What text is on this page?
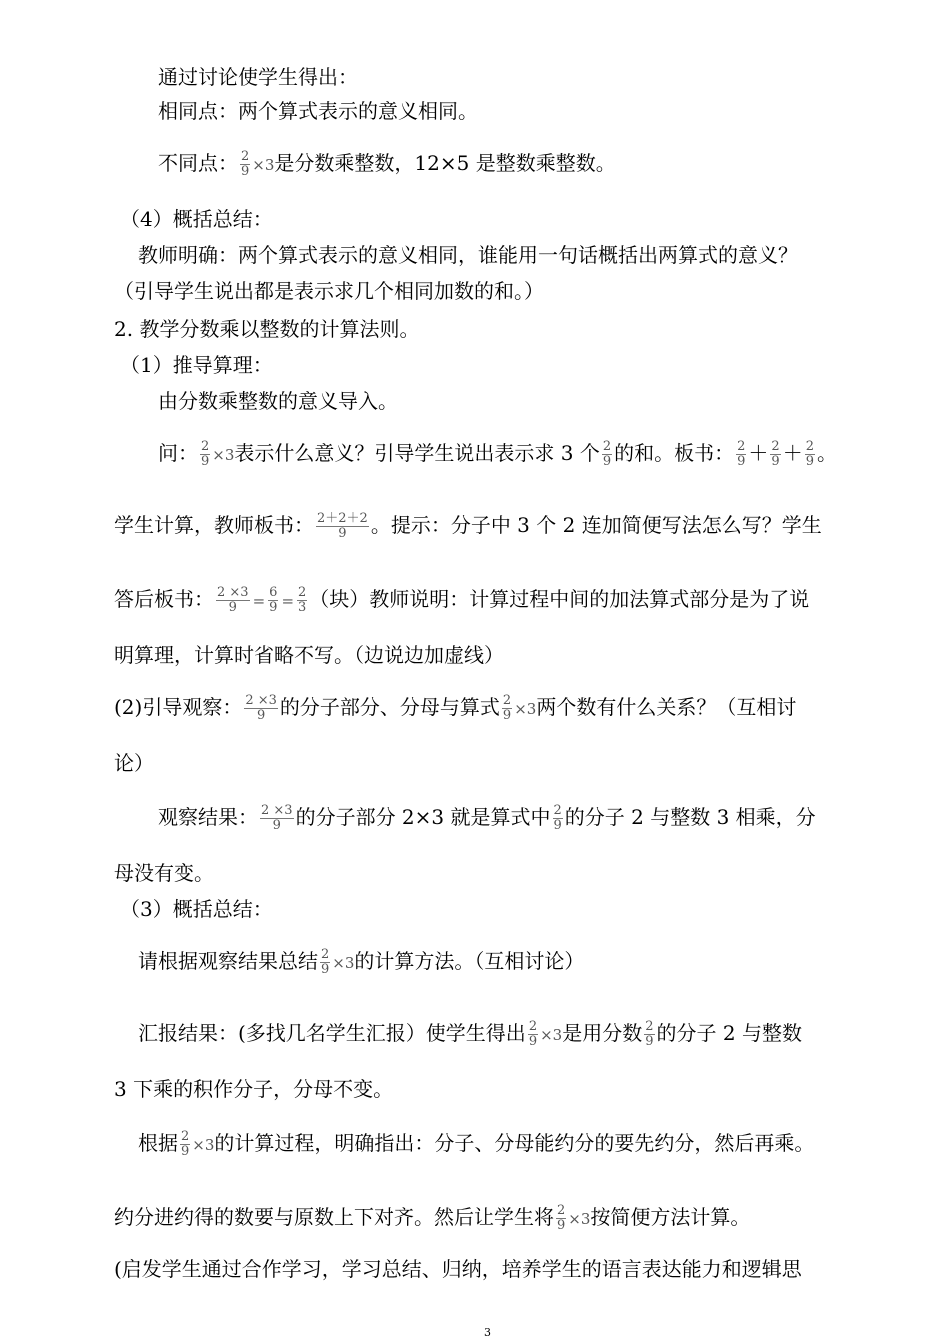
通过讨论使学生得出：
相同点：两个算式表示的意义相同。
不同点： $\frac{2}{9} \times 3$是分数乘整数，12×5 是整数乘整数。
（4）概括总结：
教师明确：两个算式表示的意义相同，谁能用一句话概括出两算式的意义？
（引导学生说出都是表示求几个相同加数的和。）
2. 教学分数乘以整数的计算法则。
（1）推导算理：
由分数乘整数的意义导入。
问： $\frac{2}{9} \times 3$表示什么意义？引导学生说出表示求 3 个 $\frac{2}{9}$ 的和。板书： $\frac{2}{9} + \frac{2}{9} + \frac{2}{9}$ 。
学生计算，教师板书： $\frac{2+2+2}{9}$ 。提示：分子中 3 个 2 连加简便写法怎么写？学生
答后板书： $\frac{2 \times 3}{9} = \frac{6}{9} = \frac{2}{3}$ （块）教师说明：计算过程中间的加法算式部分是为了说
明算理，计算时省略不写。（边说边加虚线）
(2)引导观察： $\frac{2 \times 3}{9}$ 的分子部分、分母与算式 $\frac{2}{9} \times 3$两个数有什么关系？（互相讨
论）
观察结果： $\frac{2 \times 3}{9}$ 的分子部分 2×3 就是算式中 $\frac{2}{9}$ 的分子 2 与整数 3 相乘，分
母没有变。
（3）概括总结：
请根据观察结果总结 $\frac{2}{9} \times 3$的计算方法。（互相讨论）
汇报结果：(多找几名学生汇报）使学生得出 $\frac{2}{9} \times 3$是用分数 $\frac{2}{9}$ 的分子 2 与整数
3 下乘的积作分子，分母不变。
根据 $\frac{2}{9} \times 3$的计算过程，明确指出：分子、分母能约分的要先约分，然后再乘。
约分进约得的数要与原数上下对齐。然后让学生将 $\frac{2}{9} \times 3$按简便方法计算。
(启发学生通过合作学习，学习总结、归纳，培养学生的语言表达能力和逻辑思
3
